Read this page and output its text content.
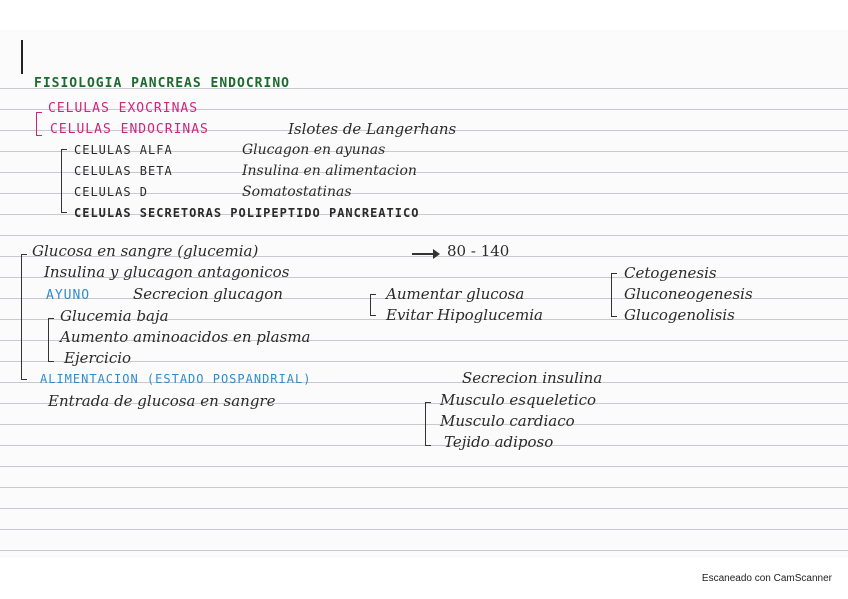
FISIOLOGIA PANCREAS ENDOCRINO
CELULAS EXOCRINAS
CELULAS ENDOCRINAS	Islotes de Langerhans
CELULAS ALFA	Glucagon en ayunas
CELULAS BETA	Insulina en alimentacion
CELULAS D	Somatostatinas
CELULAS SECRETORAS POLIPEPTIDO PANCREATICO
Glucosa en sangre (glucemia)	80 - 140
Insulina y glucagon antagonicos
AYUNO	Secrecion glucagon	Aumentar glucosa
Evitar Hipoglucemia
Cetogenesis
Gluconeogenesis
Glucogenolisis
Glucemia baja
Aumento aminoacidos en plasma
Ejercicio
ALIMENTACION (ESTADO POSPANDRIAL)	Secrecion insulina
Entrada de glucosa en sangre	Musculo esqueletico
Musculo cardiaco
Tejido adiposo
Escaneado con CamScanner
